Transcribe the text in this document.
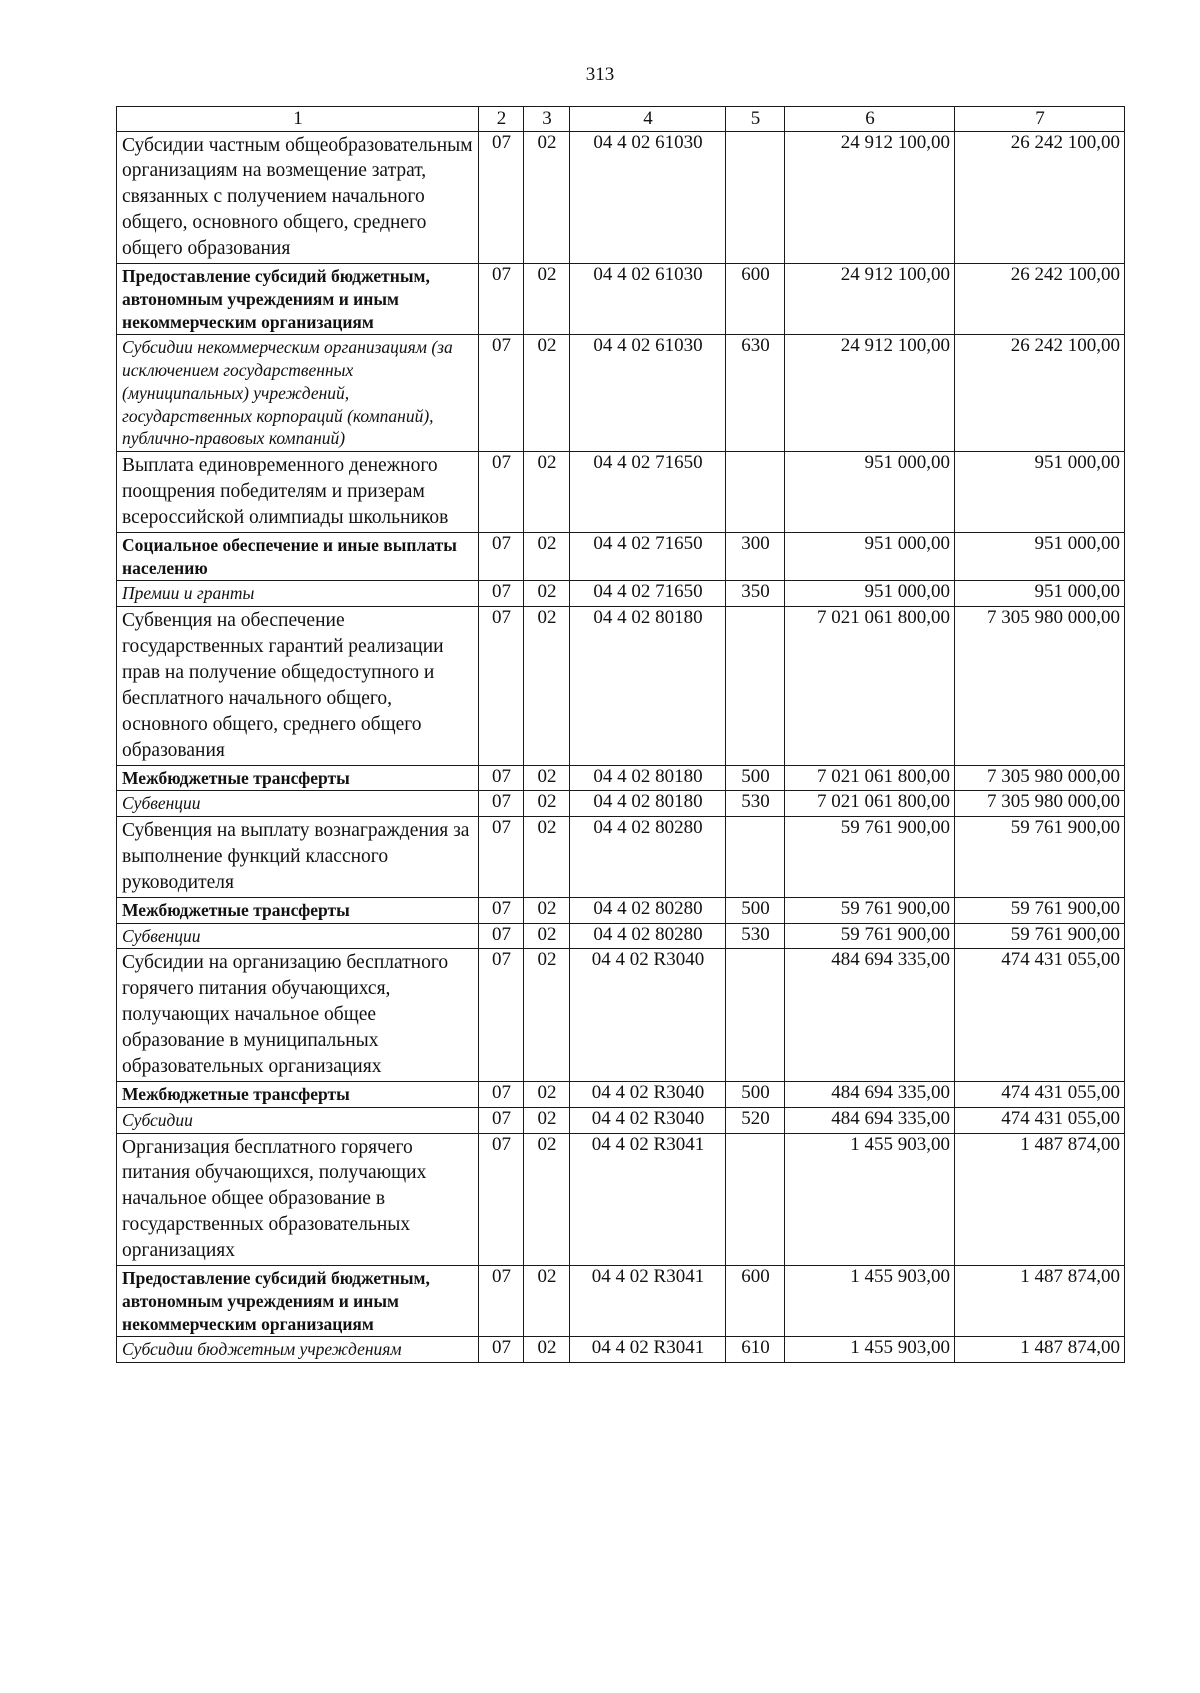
313
1	2	3	4	5	6	7
Субсидии частным общеобразовательным организациям на возмещение затрат, связанных с получением начального общего, основного общего, среднего общего образования	07	02	04 4 02 61030		24 912 100,00	26 242 100,00
Предоставление субсидий бюджетным, автономным учреждениям и иным некоммерческим организациям	07	02	04 4 02 61030	600	24 912 100,00	26 242 100,00
Субсидии некоммерческим организациям (за исключением государственных (муниципальных) учреждений, государственных корпораций (компаний), публично-правовых компаний)	07	02	04 4 02 61030	630	24 912 100,00	26 242 100,00
Выплата единовременного денежного поощрения победителям и призерам всероссийской олимпиады школьников	07	02	04 4 02 71650		951 000,00	951 000,00
Социальное обеспечение и иные выплаты населению	07	02	04 4 02 71650	300	951 000,00	951 000,00
Премии и гранты	07	02	04 4 02 71650	350	951 000,00	951 000,00
Субвенция на обеспечение государственных гарантий реализации прав на получение общедоступного и бесплатного начального общего, основного общего, среднего общего образования	07	02	04 4 02 80180		7 021 061 800,00	7 305 980 000,00
Межбюджетные трансферты	07	02	04 4 02 80180	500	7 021 061 800,00	7 305 980 000,00
Субвенции	07	02	04 4 02 80180	530	7 021 061 800,00	7 305 980 000,00
Субвенция на выплату вознаграждения за выполнение функций классного руководителя	07	02	04 4 02 80280		59 761 900,00	59 761 900,00
Межбюджетные трансферты	07	02	04 4 02 80280	500	59 761 900,00	59 761 900,00
Субвенции	07	02	04 4 02 80280	530	59 761 900,00	59 761 900,00
Субсидии на организацию бесплатного горячего питания обучающихся, получающих начальное общее образование в муниципальных образовательных организациях	07	02	04 4 02 R3040		484 694 335,00	474 431 055,00
Межбюджетные трансферты	07	02	04 4 02 R3040	500	484 694 335,00	474 431 055,00
Субсидии	07	02	04 4 02 R3040	520	484 694 335,00	474 431 055,00
Организация бесплатного горячего питания обучающихся, получающих начальное общее образование в государственных образовательных организациях	07	02	04 4 02 R3041		1 455 903,00	1 487 874,00
Предоставление субсидий бюджетным, автономным учреждениям и иным некоммерческим организациям	07	02	04 4 02 R3041	600	1 455 903,00	1 487 874,00
Субсидии бюджетным учреждениям	07	02	04 4 02 R3041	610	1 455 903,00	1 487 874,00
